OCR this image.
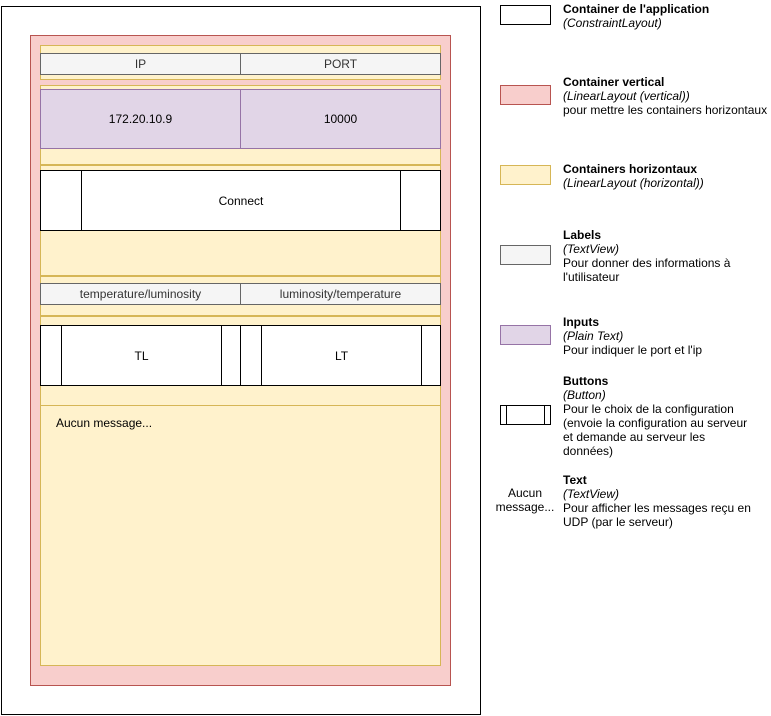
IP	PORT
172.20.10.9	10000
Connect
temperature/luminosity	luminosity/temperature
TL	LT
Aucun message...
Container de l'application
(ConstraintLayout)
Container vertical
(LinearLayout (vertical))
pour mettre les containers horizontaux
Containers horizontaux
(LinearLayout (horizontal))
Labels
(TextView)
Pour donner des informations à l'utilisateur
Inputs
(Plain Text)
Pour indiquer le port et l'ip
Buttons
(Button)
Pour le choix de la configuration (envoie la configuration au serveur et demande au serveur les données)
Aucun message...
Text
(TextView)
Pour afficher les messages reçu en UDP (par le serveur)
